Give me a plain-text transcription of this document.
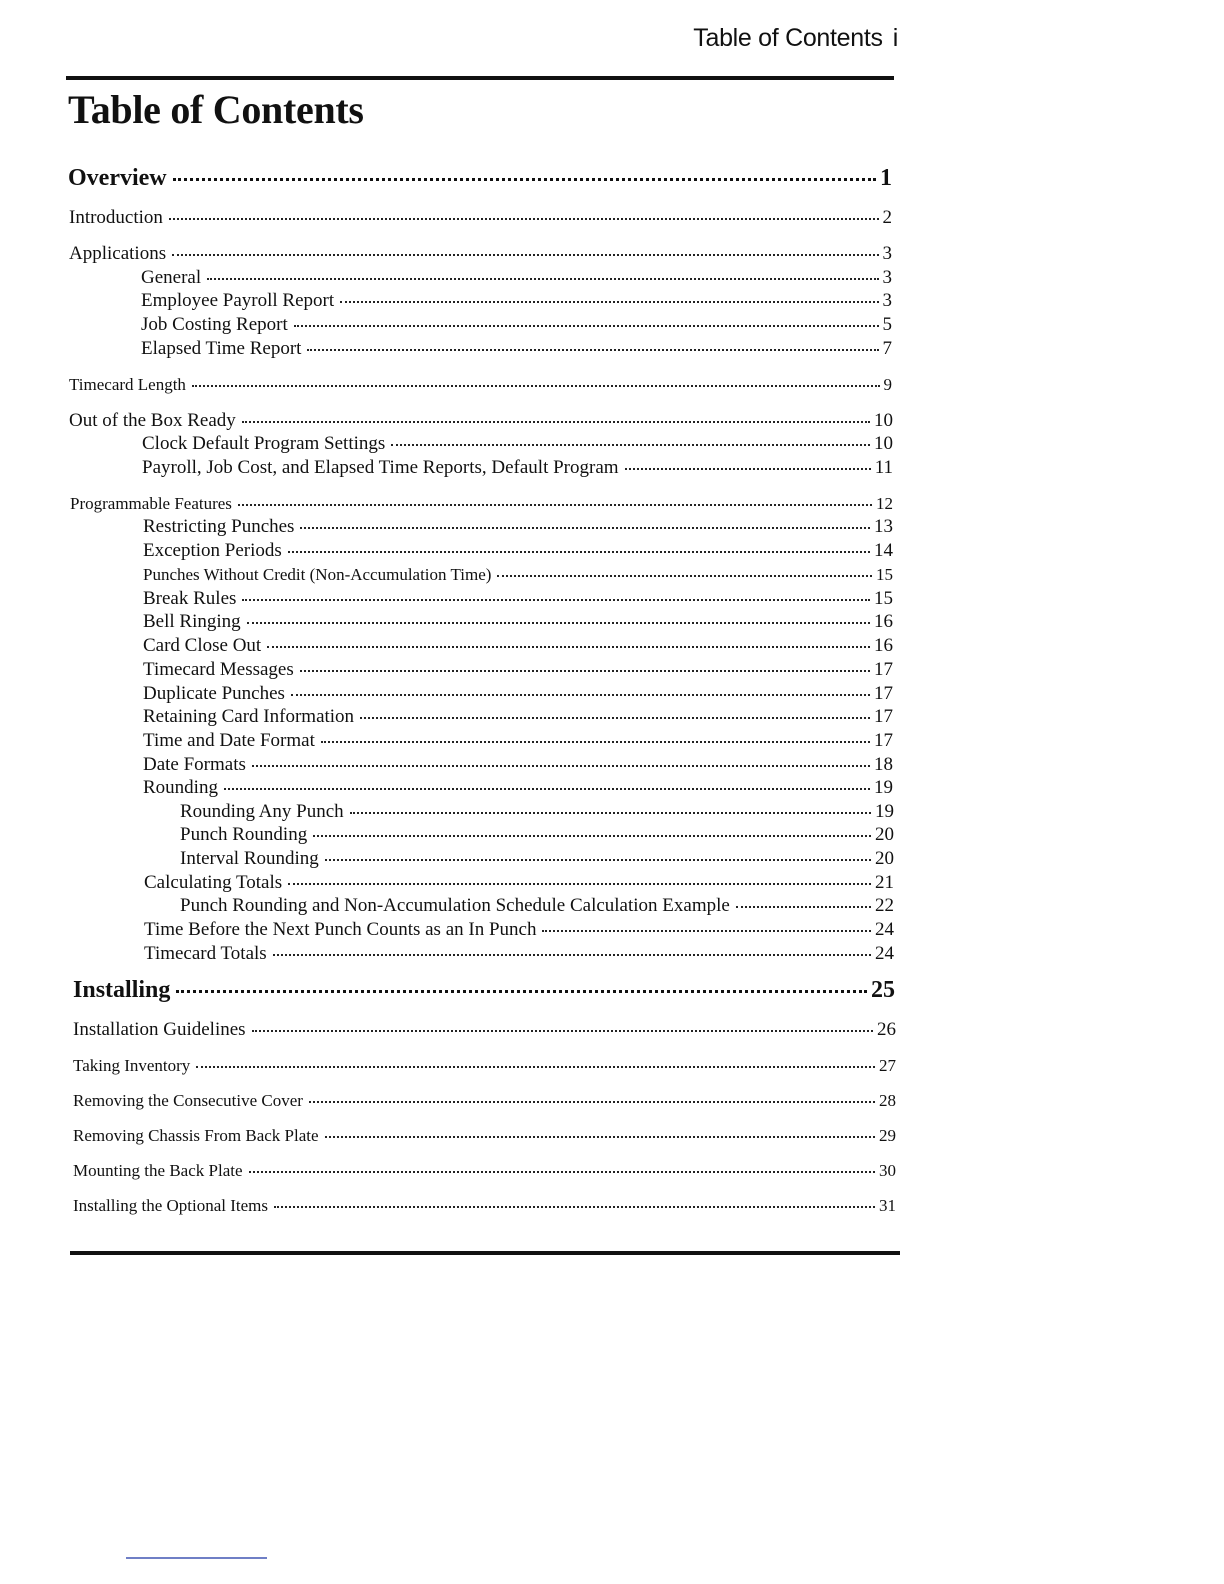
Table of Contents i
Table of Contents
Overview	1
Introduction	2
Applications	3
General	3
Employee Payroll Report	3
Job Costing Report	5
Elapsed Time Report	7
Timecard Length	9
Out of the Box Ready	10
Clock Default Program Settings	10
Payroll, Job Cost, and Elapsed Time Reports, Default Program	11
Programmable Features	12
Restricting Punches	13
Exception Periods	14
Punches Without Credit (Non-Accumulation Time)	15
Break Rules	15
Bell Ringing	16
Card Close Out	16
Timecard Messages	17
Duplicate Punches	17
Retaining Card Information	17
Time and Date Format	17
Date Formats	18
Rounding	19
Rounding Any Punch	19
Punch Rounding	20
Interval Rounding	20
Calculating Totals	21
Punch Rounding and Non-Accumulation Schedule Calculation Example	22
Time Before the Next Punch Counts as an In Punch	24
Timecard Totals	24
Installing	25
Installation Guidelines	26
Taking Inventory	27
Removing the Consecutive Cover	28
Removing Chassis From Back Plate	29
Mounting the Back Plate	30
Installing the Optional Items	31
